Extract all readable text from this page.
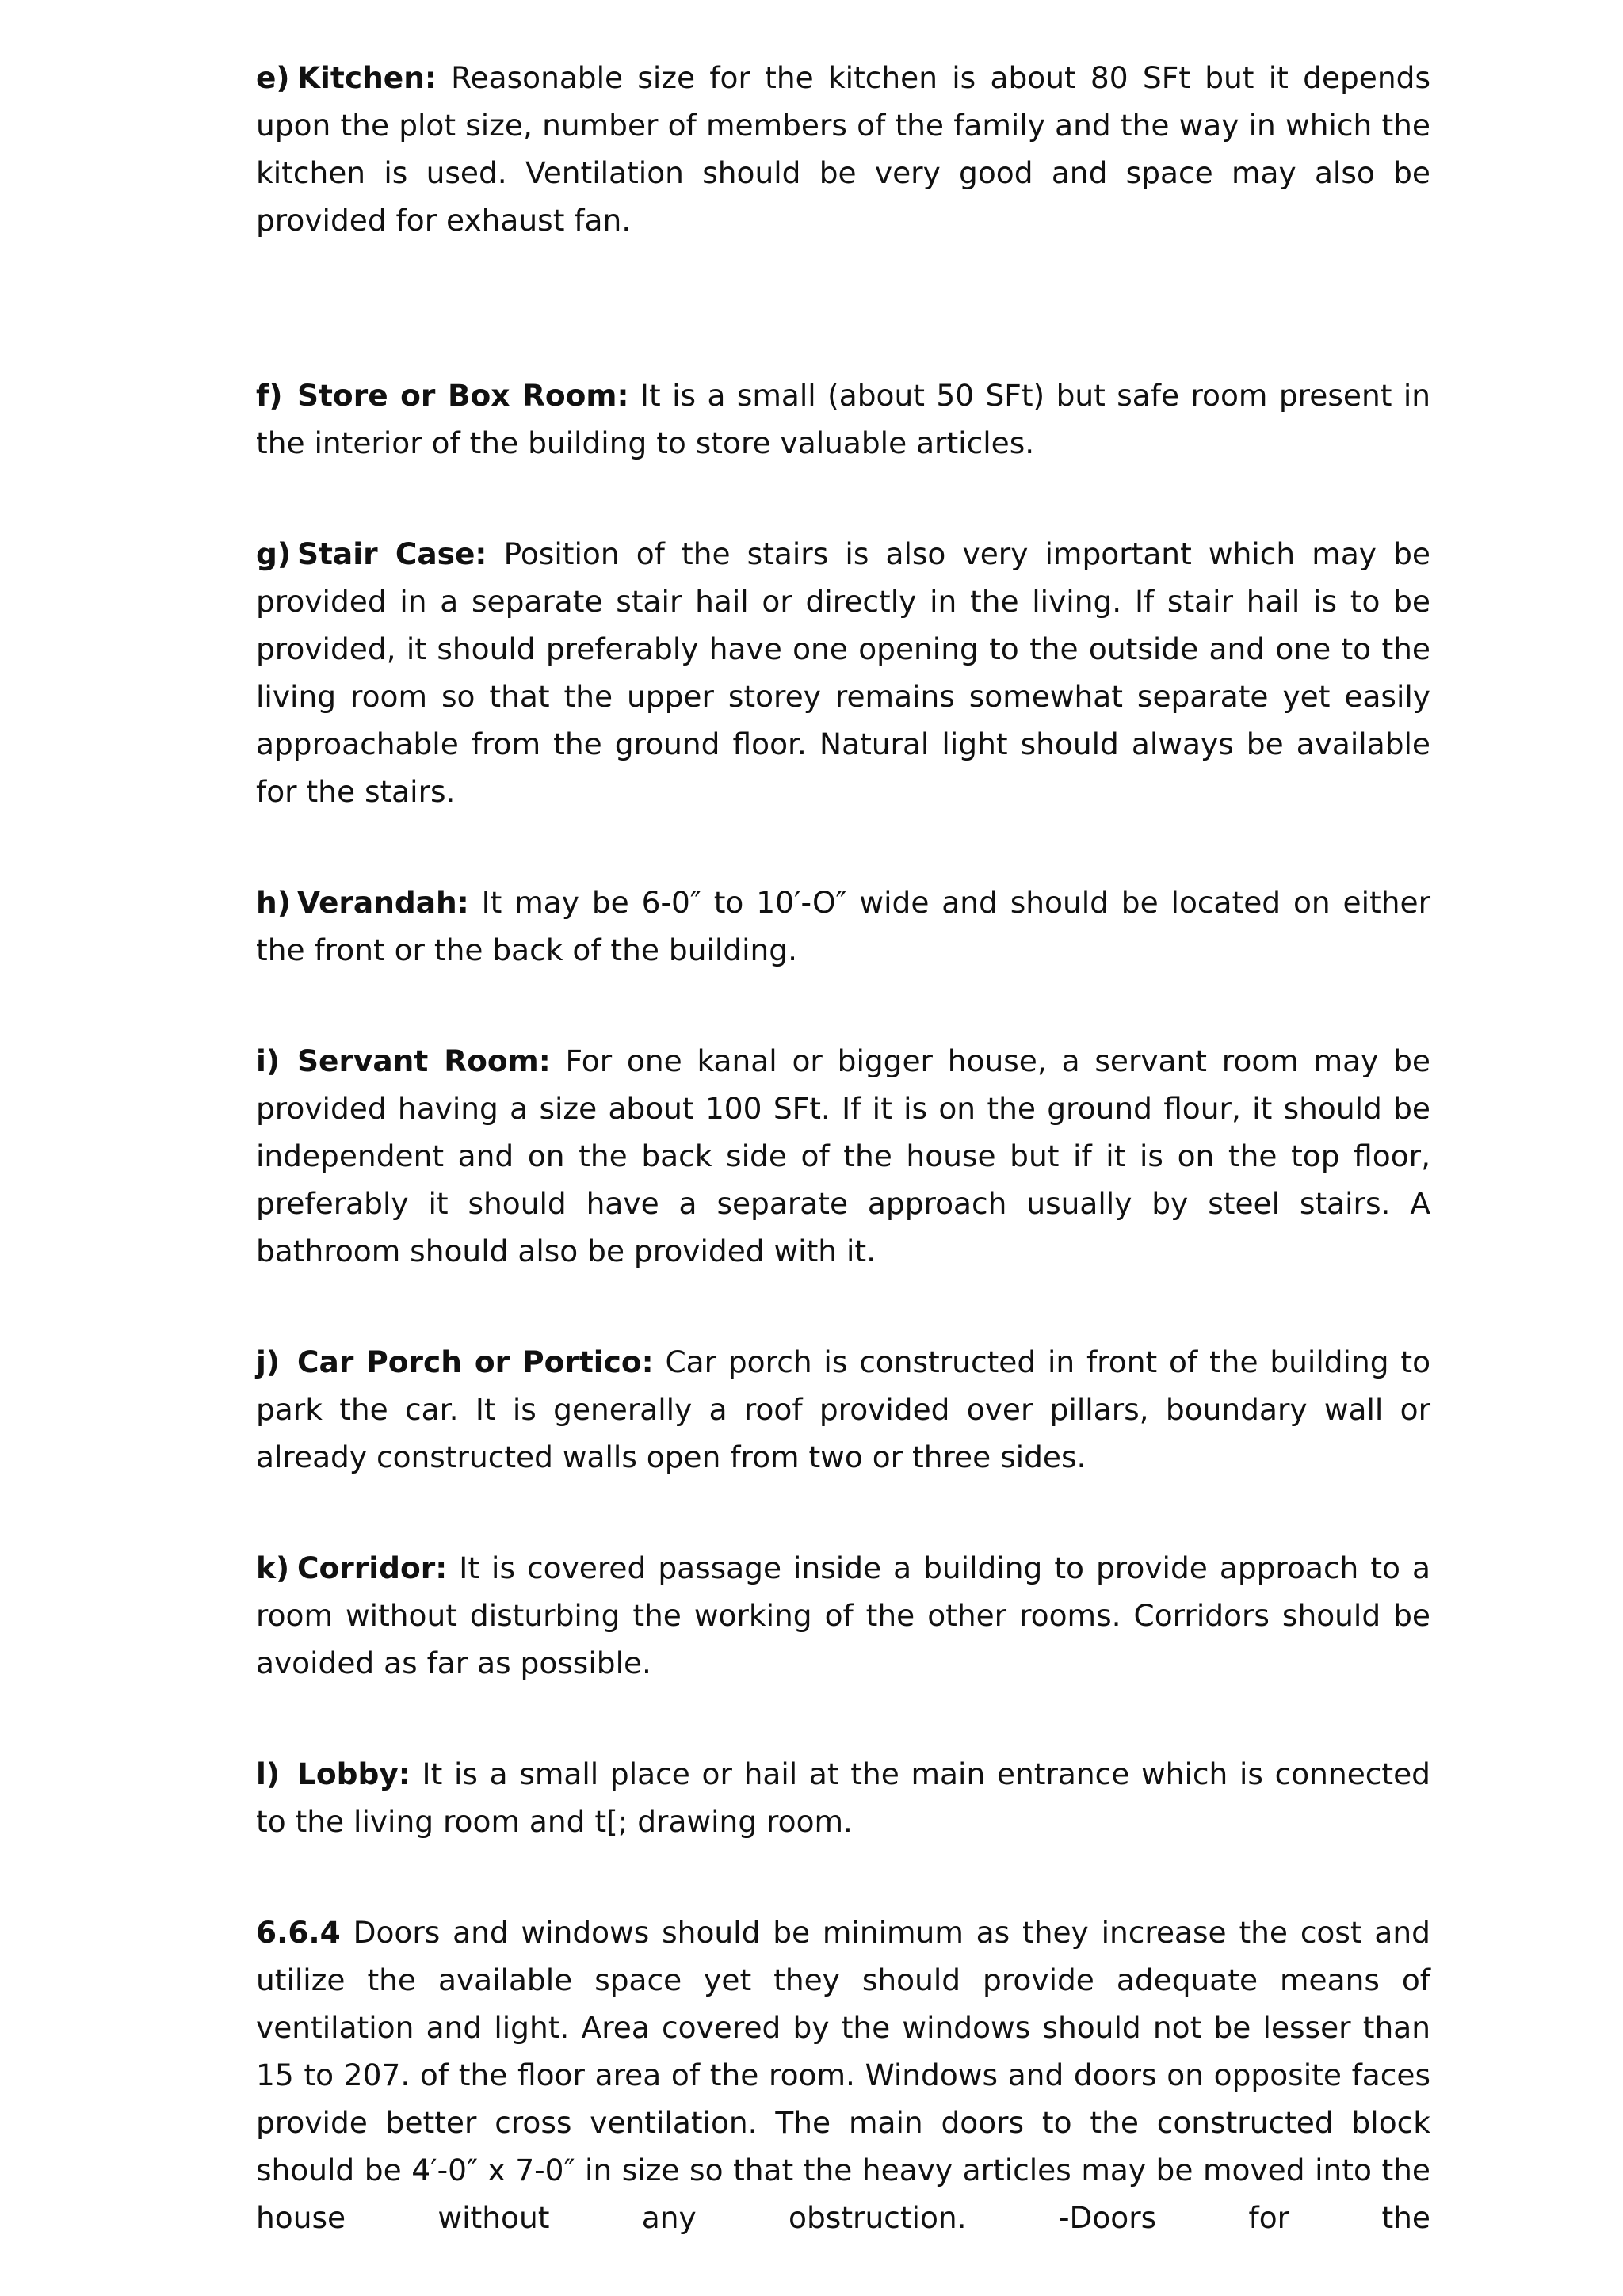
e) Kitchen: Reasonable size for the kitchen is about 80 SFt but it depends upon the plot size, number of members of the family and the way in which the kitchen is used. Ventilation should be very good and space may also be provided for exhaust fan.

f) Store or Box Room: It is a small (about 50 SFt) but safe room present in the interior of the building to store valuable articles.

g) Stair Case: Position of the stairs is also very important which may be provided in a separate stair hail or directly in the living. If stair hail is to be provided, it should preferably have one opening to the outside and one to the living room so that the upper storey remains somewhat separate yet easily approachable from the ground floor. Natural light should always be available for the stairs.

h) Verandah: It may be 6-0″ to 10′-O″ wide and should be located on either the front or the back of the building.

i) Servant Room: For one kanal or bigger house, a servant room may be provided having a size about 100 SFt. If it is on the ground flour, it should be independent and on the back side of the house but if it is on the top floor, preferably it should have a separate approach usually by steel stairs. A bathroom should also be provided with it.

j) Car Porch or Portico: Car porch is constructed in front of the building to park the car. It is generally a roof provided over pillars, boundary wall or already constructed walls open from two or three sides.

k) Corridor: It is covered passage inside a building to provide approach to a room without disturbing the working of the other rooms. Corridors should be avoided as far as possible.

l) Lobby: It is a small place or hail at the main entrance which is connected to the living room and t[; drawing room.

6.6.4 Doors and windows should be minimum as they increase the cost and utilize the available space yet they should provide adequate means of ventilation and light. Area covered by the windows should not be lesser than 15 to 207. of the floor area of the room. Windows and doors on opposite faces provide better cross ventilation. The main doors to the constructed block should be 4′-0″ x 7-0″ in size so that the heavy articles may be moved into the house without any obstruction. -Doors for the
